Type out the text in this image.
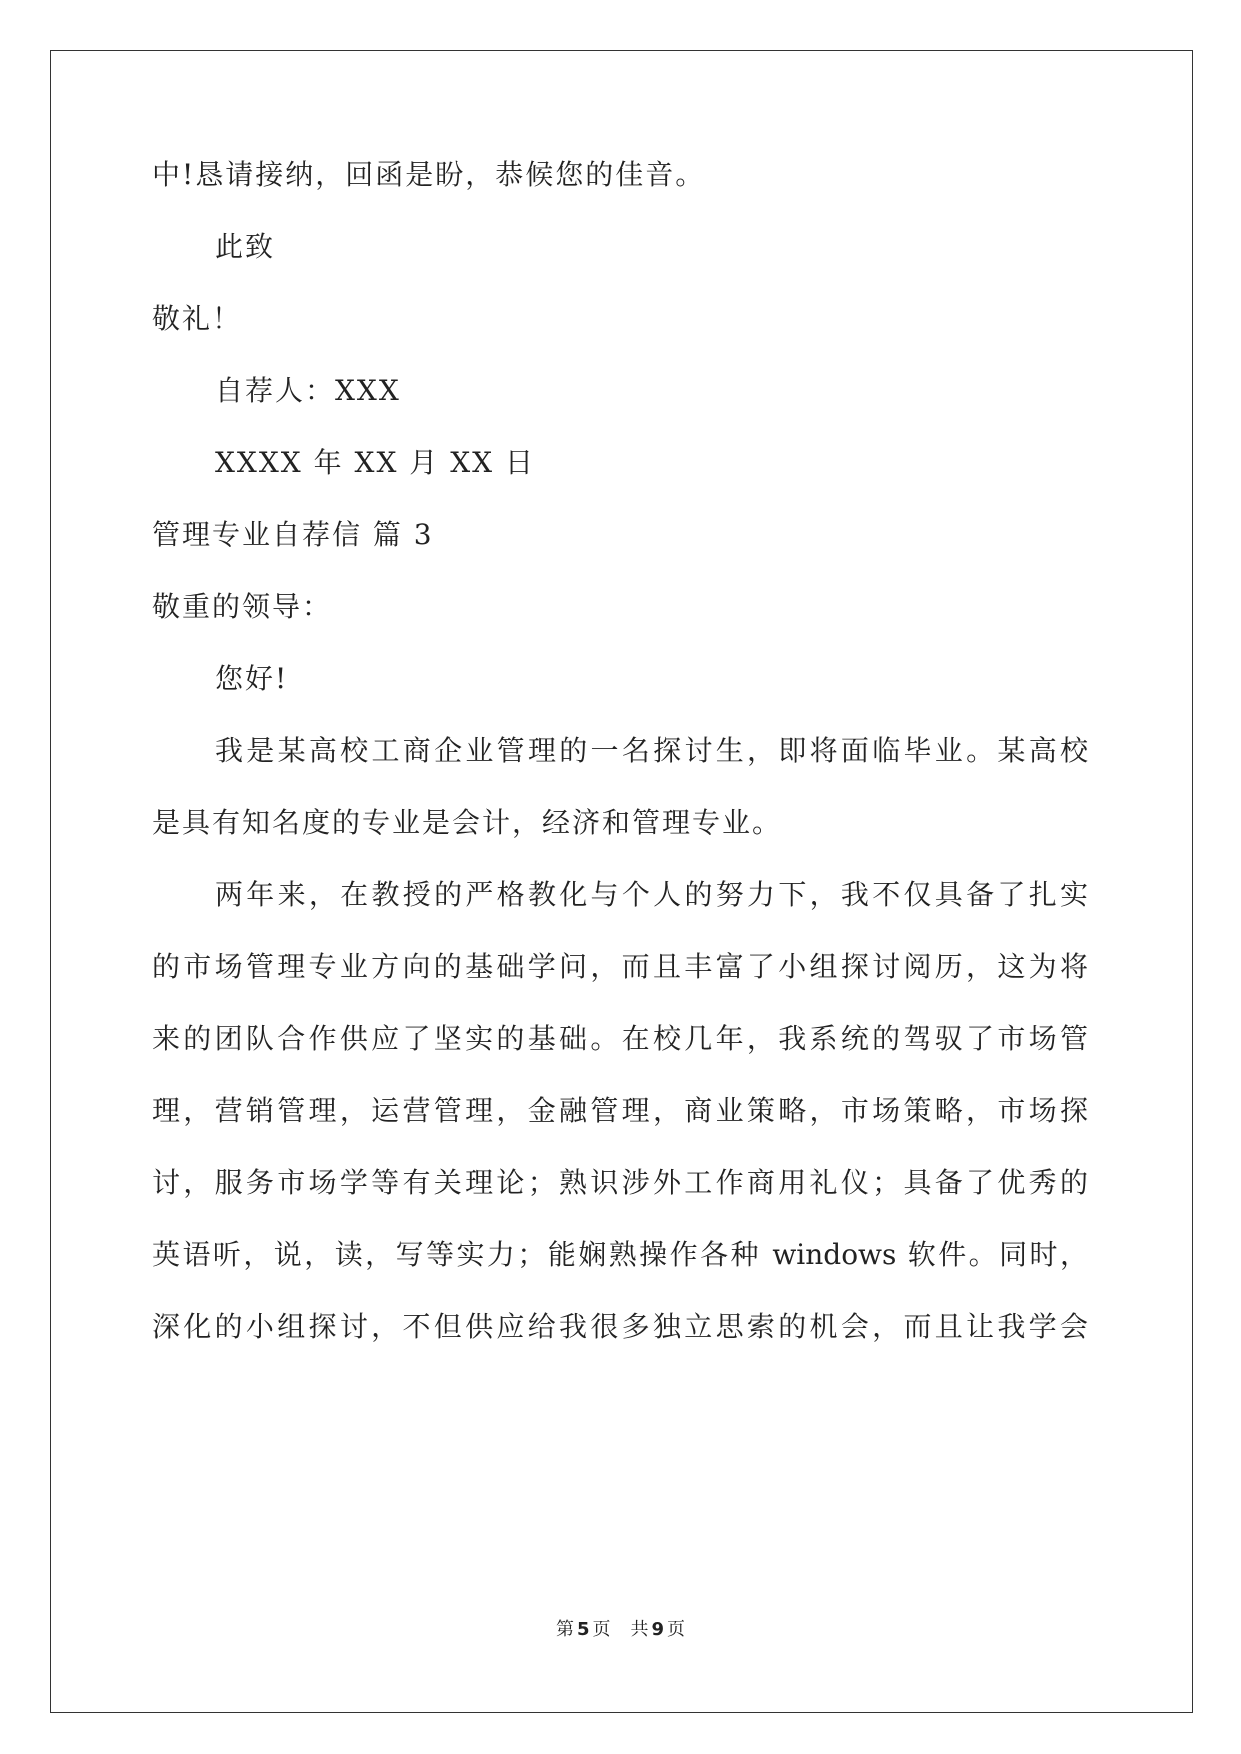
中!恳请接纳，回函是盼，恭候您的佳音。
此致
敬礼！
自荐人：XXX
XXXX 年 XX 月 XX 日
管理专业自荐信 篇 3
敬重的领导：
您好!
我是某高校工商企业管理的一名探讨生，即将面临毕业。某高校
是具有知名度的专业是会计，经济和管理专业。
两年来，在教授的严格教化与个人的努力下，我不仅具备了扎实
的市场管理专业方向的基础学问，而且丰富了小组探讨阅历，这为将
来的团队合作供应了坚实的基础。在校几年，我系统的驾驭了市场管
理，营销管理，运营管理，金融管理，商业策略，市场策略，市场探
讨，服务市场学等有关理论；熟识涉外工作商用礼仪；具备了优秀的
英语听，说，读，写等实力；能娴熟操作各种 windows 软件。同时，
深化的小组探讨，不但供应给我很多独立思索的机会，而且让我学会
第 5 页 共 9 页
